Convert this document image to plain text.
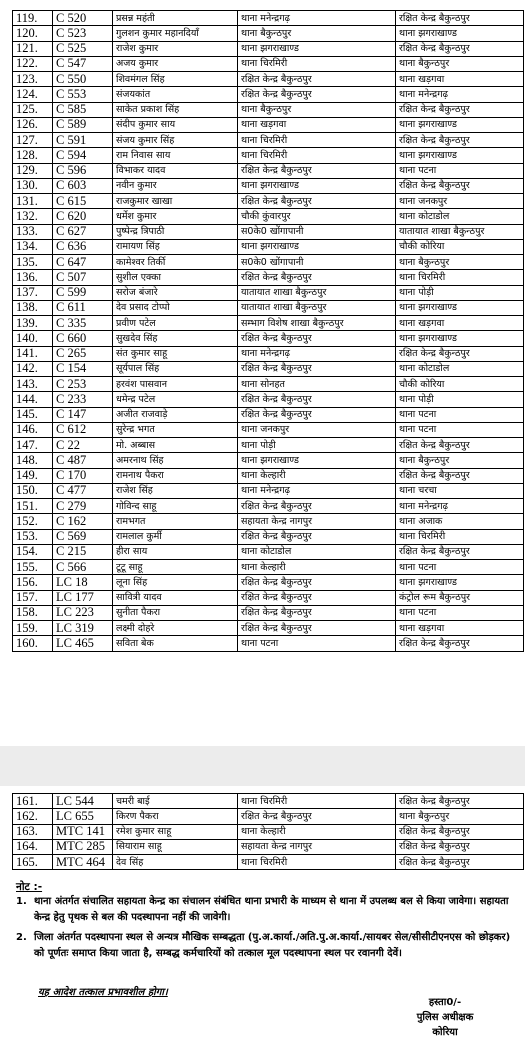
119.	C 520	प्रसन्न महंती	थाना मनेन्द्रगढ़	रक्षित केन्द्र बैकुन्ठपुर
120.	C 523	गुलशन कुमार महानदियाँ	थाना बैकुन्ठपुर	थाना झगराखाण्ड
121.	C 525	राजेश कुमार	थाना झगराखाण्ड	रक्षित केन्द्र बैकुन्ठपुर
122.	C 547	अजय कुमार	थाना चिरमिरी	थाना बैकुन्ठपुर
123.	C 550	शिवमंगल सिंह	रक्षित केन्द्र बैकुन्ठपुर	थाना खड़गवा
124.	C 553	संजयकांत	रक्षित केन्द्र बैकुन्ठपुर	थाना मनेन्द्रगढ़
125.	C 585	साकेत प्रकाश सिंह	थाना बैकुन्ठपुर	रक्षित केन्द्र बैकुन्ठपुर
126.	C 589	संदीप कुमार साय	थाना खड़गवा	थाना झगराखाण्ड
127.	C 591	संजय कुमार सिंह	थाना चिरमिरी	रक्षित केन्द्र बैकुन्ठपुर
128.	C 594	राम निवास साय	थाना चिरमिरी	थाना झगराखाण्ड
129.	C 596	विभाकर यादव	रक्षित केन्द्र बैकुन्ठपुर	थाना पटना
130.	C 603	नवीन कुमार	थाना झगराखाण्ड	रक्षित केन्द्र बैकुन्ठपुर
131.	C 615	राजकुमार खाखा	रक्षित केन्द्र बैकुन्ठपुर	थाना जनकपुर
132.	C 620	धर्मेश कुमार	चौकी कुंवारपुर	थाना कोटाडोल
133.	C 627	पुष्पेन्द्र त्रिपाठी	स0के0 खोंगापानी	यातायात शाखा बैकुन्ठपुर
134.	C 636	रामायण सिंह	थाना झगराखाण्ड	चौकी कोरिया
135.	C 647	कामेश्वर तिर्की	स0के0 खोंगापानी	थाना बैकुन्ठपुर
136.	C 507	सुशील एक्का	रक्षित केन्द्र बैकुन्ठपुर	थाना चिरमिरी
137.	C 599	सरोज बंजारे	यातायात शाखा बैकुन्ठपुर	थाना पोड़ी
138.	C 611	देव प्रसाद टोप्पो	यातायात शाखा बैकुन्ठपुर	थाना झगराखाण्ड
139.	C 335	प्रवीण पटेल	सम्भाग विशेष शाखा बैकुन्ठपुर	थाना खड़गवा
140.	C 660	सुखदेव सिंह	रक्षित केन्द्र बैकुन्ठपुर	थाना झगराखाण्ड
141.	C 265	संत कुमार साहू	थाना मनेन्द्रगढ़	रक्षित केन्द्र बैकुन्ठपुर
142.	C 154	सूर्यपाल सिंह	रक्षित केन्द्र बैकुन्ठपुर	थाना कोटाडोल
143.	C 253	हरवंश पासवान	थाना सोनहत	चौकी कोरिया
144.	C 233	धमेन्द्र पटेल	रक्षित केन्द्र बैकुन्ठपुर	थाना पोड़ी
145.	C 147	अजीत राजवाड़े	रक्षित केन्द्र बैकुन्ठपुर	थाना पटना
146.	C 612	सुरेन्द्र भगत	थाना जनकपुर	थाना पटना
147.	C 22	मो. अब्बास	थाना पोड़ी	रक्षित केन्द्र बैकुन्ठपुर
148.	C 487	अमरनाथ सिंह	थाना झगराखाण्ड	थाना बैकुन्ठपुर
149.	C 170	रामनाथ पैकरा	थाना केल्हारी	रक्षित केन्द्र बैकुन्ठपुर
150.	C 477	राजेश सिंह	थाना मनेन्द्रगढ़	थाना चरचा
151.	C 279	गोविन्द साहू	रक्षित केन्द्र बैकुन्ठपुर	थाना मनेन्द्रगढ़
152.	C 162	रामभगत	सहायता केन्द्र नागपुर	थाना अजाक
153.	C 569	रामलाल कुर्मी	रक्षित केन्द्र बैकुन्ठपुर	थाना चिरमिरी
154.	C 215	हीरा साय	थाना कोटाडोल	रक्षित केन्द्र बैकुन्ठपुर
155.	C 566	टूटू साहू	थाना केल्हारी	थाना पटना
156.	LC 18	लूना सिंह	रक्षित केन्द्र बैकुन्ठपुर	थाना झगराखाण्ड
157.	LC 177	सावित्री यादव	रक्षित केन्द्र बैकुन्ठपुर	कंट्रोल रूम बैकुन्ठपुर
158.	LC 223	सुनीता पैकरा	रक्षित केन्द्र बैकुन्ठपुर	थाना पटना
159.	LC 319	लक्ष्मी दोहरे	रक्षित केन्द्र बैकुन्ठपुर	थाना खड़गवा
160.	LC 465	सविता बेक	थाना पटना	रक्षित केन्द्र बैकुन्ठपुर
161.	LC 544	चमरी बाई	थाना चिरमिरी	रक्षित केन्द्र बैकुन्ठपुर
162.	LC 655	किरण पैकरा	रक्षित केन्द्र बैकुन्ठपुर	थाना बैकुन्ठपुर
163.	MTC 141	रमेश कुमार साहू	थाना केल्हारी	रक्षित केन्द्र बैकुन्ठपुर
164.	MTC 285	सियाराम साहू	सहायता केन्द्र नागपुर	रक्षित केन्द्र बैकुन्ठपुर
165.	MTC 464	देव सिंह	थाना चिरमिरी	रक्षित केन्द्र बैकुन्ठपुर
नोट :-
1. थाना अंतर्गत संचालित सहायता केन्द्र का संचालन संबंधित थाना प्रभारी के माध्यम से थाना में उपलब्ध बल से किया जावेगा। सहायता केन्द्र हेतु पृथक से बल की पदस्थापना नहीं की जावेगी।
2. जिला अंतर्गत पदस्थापना स्थल से अन्यत्र मौखिक सम्बद्धता (पु.अ.कार्या./अति.पु.अ.कार्या./सायबर सेल/सीसीटीएनएस को छोड़कर) को पूर्णतः समाप्त किया जाता है, सम्बद्ध कर्मचारियों को तत्काल मूल पदस्थापना स्थल पर रवानगी देवें।
यह आदेश तत्काल प्रभावशील होगा।
हस्ता0/-
पुलिस अधीक्षक
कोरिया
